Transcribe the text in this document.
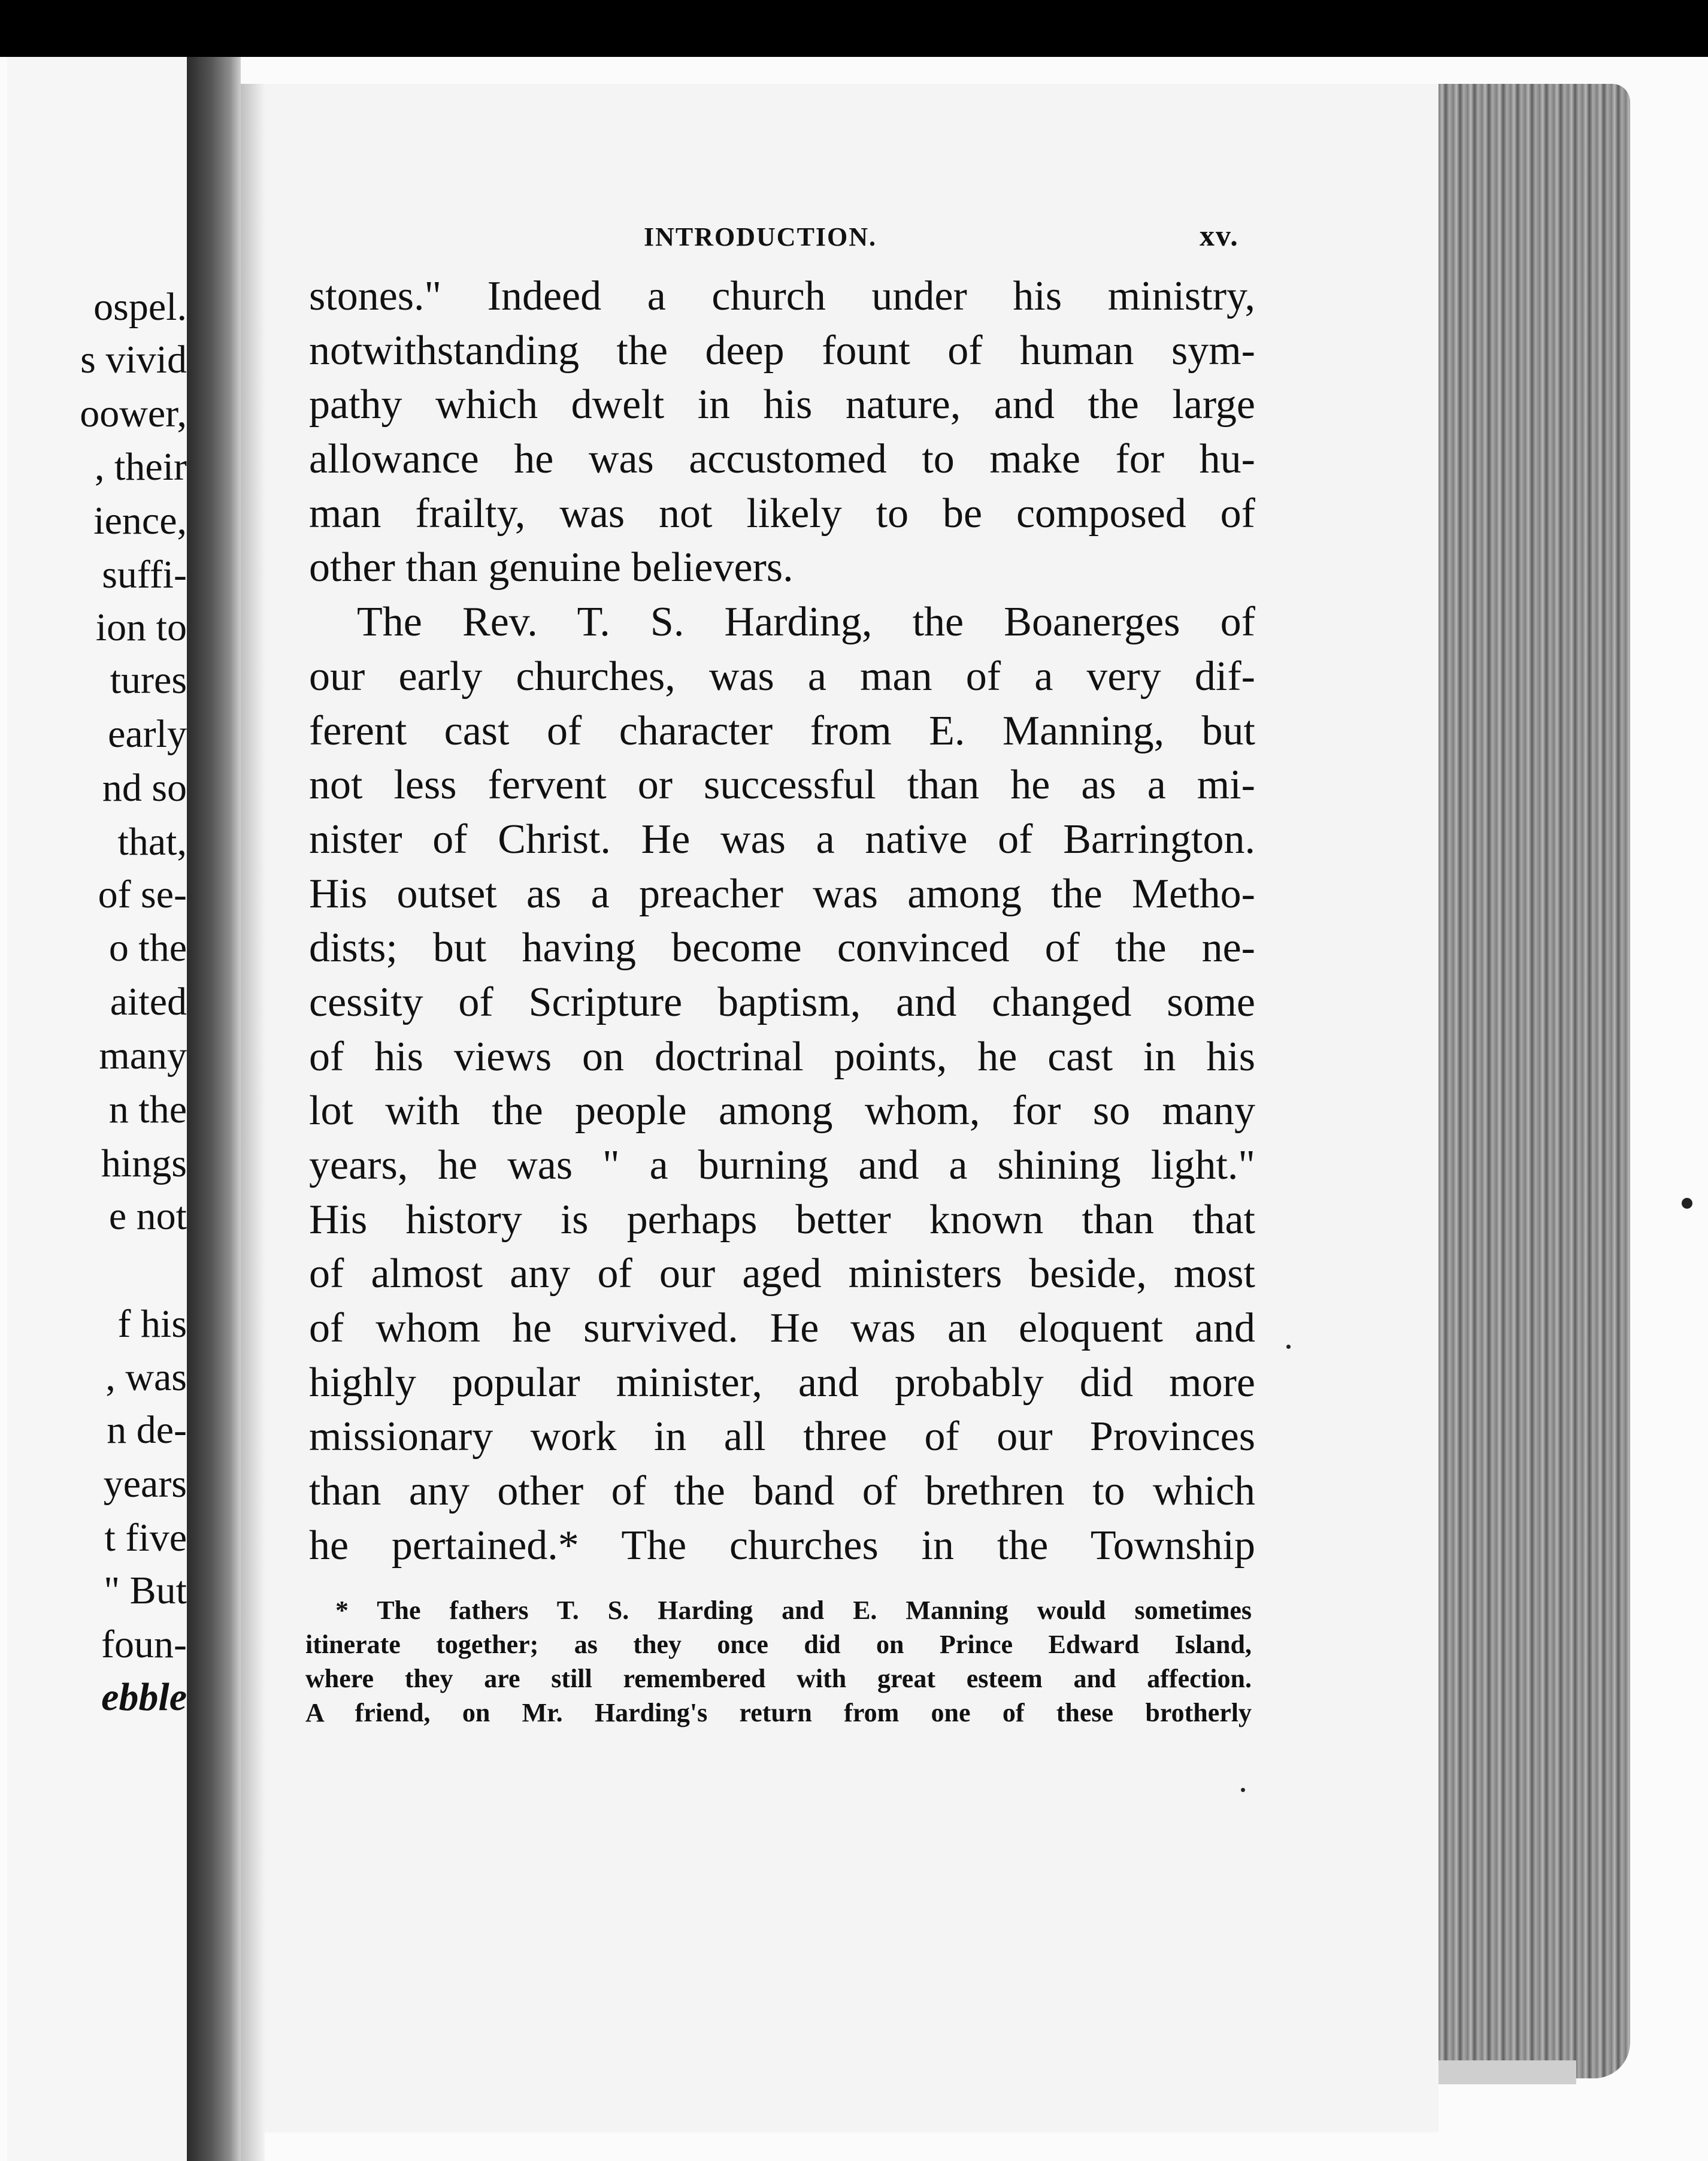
ospel.
s vivid
oower,
, their
ience,
suffi-
ion to
tures
early
nd so
that,
of se-
o the
aited
many
n the
hings
e not
f his
, was
n de-
years
t five
" But
foun-
ebble
INTRODUCTION.	xv.
stones." Indeed a church under his ministry,
notwithstanding the deep fount of human sym-
pathy which dwelt in his nature, and the large
allowance he was accustomed to make for hu-
man frailty, was not likely to be composed of
other than genuine believers.
The Rev. T. S. Harding, the Boanerges of
our early churches, was a man of a very dif-
ferent cast of character from E. Manning, but
not less fervent or successful than he as a mi-
nister of Christ. He was a native of Barrington.
His outset as a preacher was among the Metho-
dists; but having become convinced of the ne-
cessity of Scripture baptism, and changed some
of his views on doctrinal points, he cast in his
lot with the people among whom, for so many
years, he was " a burning and a shining light."
His history is perhaps better known than that
of almost any of our aged ministers beside, most
of whom he survived. He was an eloquent and
highly popular minister, and probably did more
missionary work in all three of our Provinces
than any other of the band of brethren to which
he pertained.* The churches in the Township
* The fathers T. S. Harding and E. Manning would sometimes
itinerate together; as they once did on Prince Edward Island,
where they are still remembered with great esteem and affection.
A friend, on Mr. Harding's return from one of these brotherly
